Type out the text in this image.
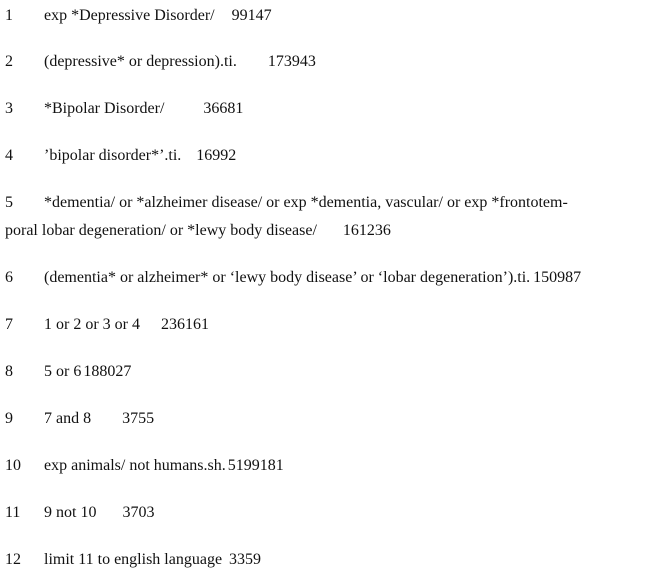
1 exp *Depressive Disorder/ 99147
2 (depressive* or depression).ti. 173943
3 *Bipolar Disorder/ 36681
4 ’bipolar disorder*’.ti. 16992
5 *dementia/ or *alzheimer disease/ or exp *dementia, vascular/ or exp *frontotem-
poral lobar degeneration/ or *lewy body disease/ 161236
6 (dementia* or alzheimer* or ‘lewy body disease’ or ‘lobar degeneration’).ti. 150987
7 1 or 2 or 3 or 4 236161
8 5 or 6 188027
9 7 and 8 3755
10 exp animals/ not humans.sh. 5199181
11 9 not 10 3703
12 limit 11 to english language 3359
